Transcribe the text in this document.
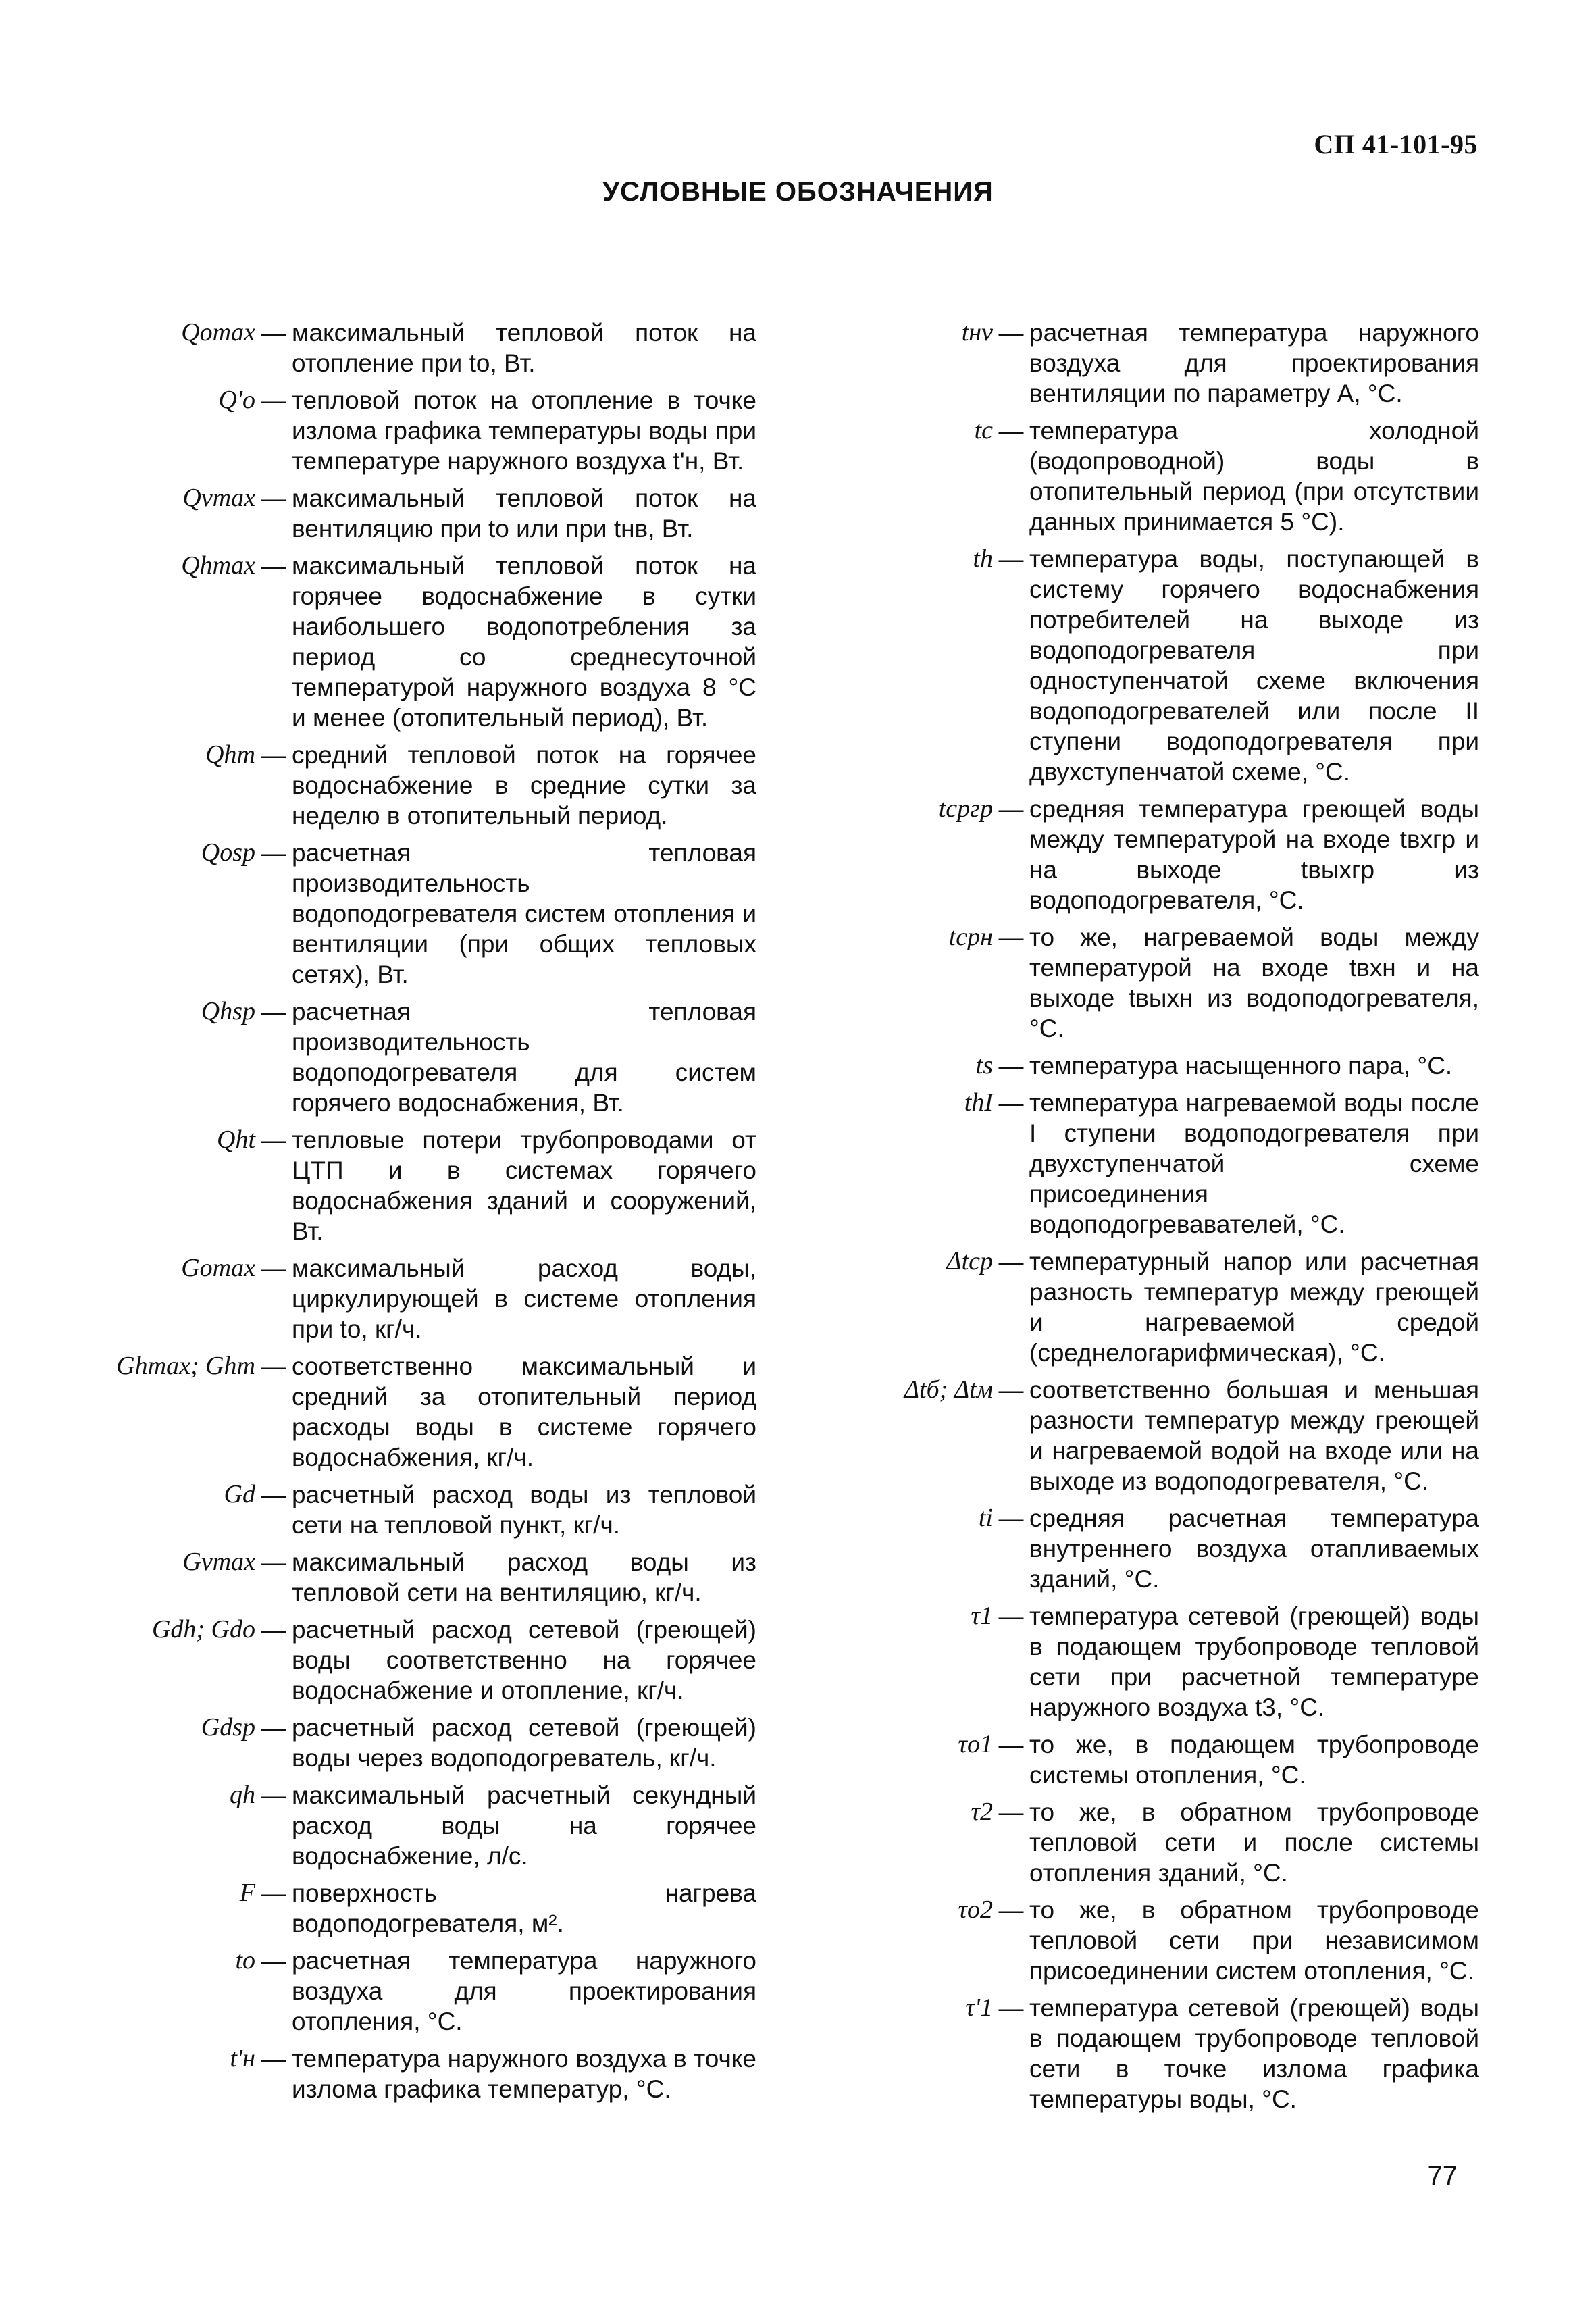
СП 41-101-95
УСЛОВНЫЕ ОБОЗНАЧЕНИЯ
Qomax — максимальный тепловой поток на отопление при tо, Вт.
Q'о — тепловой поток на отопление в точке излома графика температуры воды при температуре наружного воздуха t'н, Вт.
Qvmax — максимальный тепловой поток на вентиляцию при tо или при tнв, Вт.
Qhmax — максимальный тепловой поток на горячее водоснабжение в сутки наибольшего водопотребления за период со среднесуточной температурой наружного воздуха 8 °С и менее (отопительный период), Вт.
Qhm — средний тепловой поток на горячее водоснабжение в средние сутки за неделю в отопительный период.
Qоsp — расчетная тепловая производительность водоподогревателя систем отопления и вентиляции (при общих тепловых сетях), Вт.
Qhsp — расчетная тепловая производительность водоподогревателя для систем горячего водоснабжения, Вт.
Qht — тепловые потери трубопроводами от ЦТП и в системах горячего водоснабжения зданий и сооружений, Вт.
Gomax — максимальный расход воды, циркулирующей в системе отопления при tо, кг/ч.
Ghmax; Ghm — соответственно максимальный и средний за отопительный период расходы воды в системе горячего водоснабжения, кг/ч.
Gd — расчетный расход воды из тепловой сети на тепловой пункт, кг/ч.
Gvmax — максимальный расход воды из тепловой сети на вентиляцию, кг/ч.
Gdh; Gdо — расчетный расход сетевой (греющей) воды соответственно на горячее водоснабжение и отопление, кг/ч.
Gdsp — расчетный расход сетевой (греющей) воды через водоподогреватель, кг/ч.
qh — максимальный расчетный секундный расход воды на горячее водоснабжение, л/с.
F — поверхность нагрева водоподогревателя, м².
tо — расчетная температура наружного воздуха для проектирования отопления, °С.
t'н — температура наружного воздуха в точке излома графика температур, °С.
tнv — расчетная температура наружного воздуха для проектирования вентиляции по параметру А, °С.
tс — температура холодной (водопроводной) воды в отопительный период (при отсутствии данных принимается 5 °С).
th — температура воды, поступающей в систему горячего водоснабжения потребителей на выходе из водоподогревателя при одноступенчатой схеме включения водоподогревателей или после II ступени водоподогревателя при двухступенчатой схеме, °С.
tсргр — средняя температура греющей воды между температурой на входе tвхгр и на выходе tвыхгр из водоподогревателя, °С.
tсрн — то же, нагреваемой воды между температурой на входе tвхн и на выходе tвыхн из водоподогревателя, °С.
ts — температура насыщенного пара, °С.
thI — температура нагреваемой воды после I ступени водоподогревателя при двухступенчатой схеме присоединения водоподогревавателей, °С.
Δtср — температурный напор или расчетная разность температур между греющей и нагреваемой средой (среднелогарифмическая), °С.
Δtб; Δtм — соответственно большая и меньшая разности температур между греющей и нагреваемой водой на входе или на выходе из водоподогревателя, °С.
ti — средняя расчетная температура внутреннего воздуха отапливаемых зданий, °С.
τ1 — температура сетевой (греющей) воды в подающем трубопроводе тепловой сети при расчетной температуре наружного воздуха t3, °С.
τо1 — то же, в подающем трубопроводе системы отопления, °С.
τ2 — то же, в обратном трубопроводе тепловой сети и после системы отопления зданий, °С.
τо2 — то же, в обратном трубопроводе тепловой сети при независимом присоединении систем отопления, °С.
τ'1 — температура сетевой (греющей) воды в подающем трубопроводе тепловой сети в точке излома графика температуры воды, °С.
77
